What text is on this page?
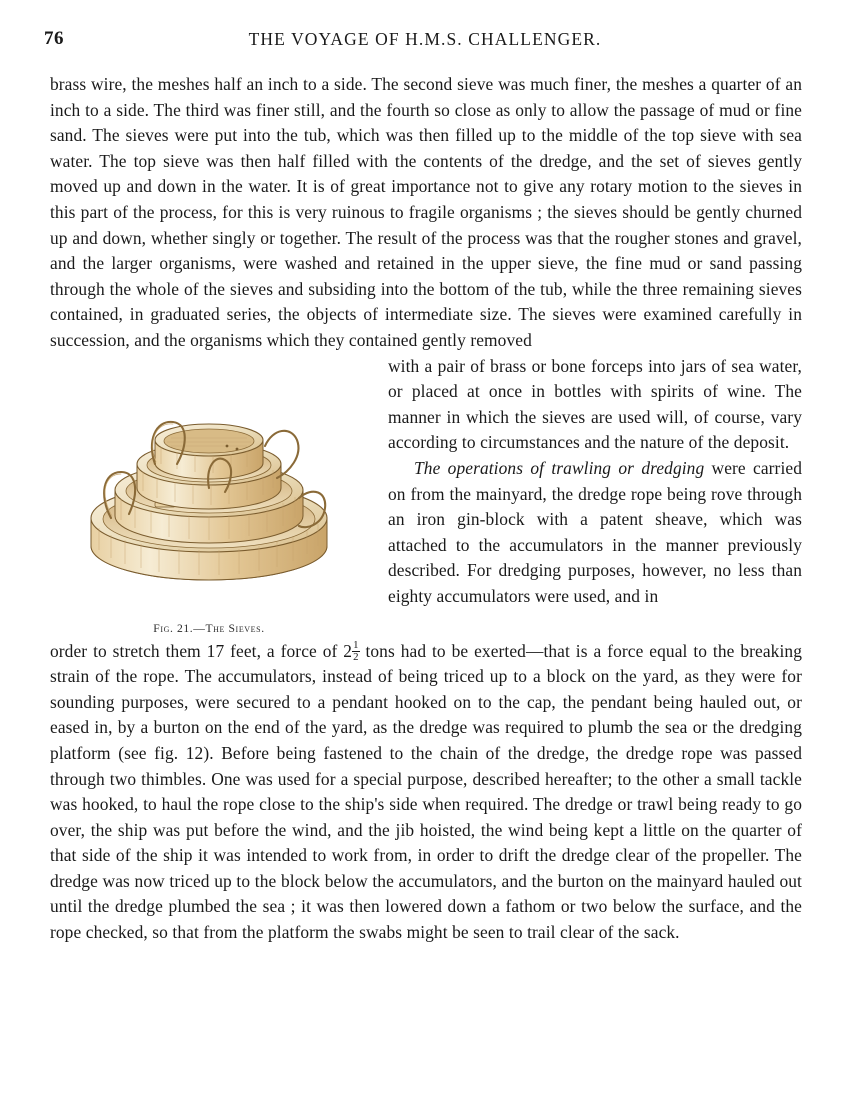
76	THE VOYAGE OF H.M.S. CHALLENGER.

brass wire, the meshes half an inch to a side. The second sieve was much finer, the meshes a quarter of an inch to a side. The third was finer still, and the fourth so close as only to allow the passage of mud or fine sand. The sieves were put into the tub, which was then filled up to the middle of the top sieve with sea water. The top sieve was then half filled with the contents of the dredge, and the set of sieves gently moved up and down in the water. It is of great importance not to give any rotary motion to the sieves in this part of the process, for this is very ruinous to fragile organisms ; the sieves should be gently churned up and down, whether singly or together. The result of the process was that the rougher stones and gravel, and the larger organisms, were washed and retained in the upper sieve, the fine mud or sand passing through the whole of the sieves and subsiding into the bottom of the tub, while the three remaining sieves contained, in graduated series, the objects of intermediate size. The sieves were examined carefully in succession, and the organisms which they contained gently removed

Fig. 21.—The Sieves.

with a pair of brass or bone forceps into jars of sea water, or placed at once in bottles with spirits of wine. The manner in which the sieves are used will, of course, vary according to circumstances and the nature of the deposit.

The operations of trawling or dredging were carried on from the mainyard, the dredge rope being rove through an iron gin-block with a patent sheave, which was attached to the accumulators in the manner previously described. For dredging purposes, however, no less than eighty accumulators were used, and in

order to stretch them 17 feet, a force of $2 \frac{1}{2}$ tons had to be exerted—that is a force equal to the breaking strain of the rope. The accumulators, instead of being triced up to a block on the yard, as they were for sounding purposes, were secured to a pendant hooked on to the cap, the pendant being hauled out, or eased in, by a burton on the end of the yard, as the dredge was required to plumb the sea or the dredging platform (see fig. 12). Before being fastened to the chain of the dredge, the dredge rope was passed through two thimbles. One was used for a special purpose, described hereafter; to the other a small tackle was hooked, to haul the rope close to the ship's side when required. The dredge or trawl being ready to go over, the ship was put before the wind, and the jib hoisted, the wind being kept a little on the quarter of that side of the ship it was intended to work from, in order to drift the dredge clear of the propeller. The dredge was now triced up to the block below the accumulators, and the burton on the mainyard hauled out until the dredge plumbed the sea ; it was then lowered down a fathom or two below the surface, and the rope checked, so that from the platform the swabs might be seen to trail clear of the sack.
